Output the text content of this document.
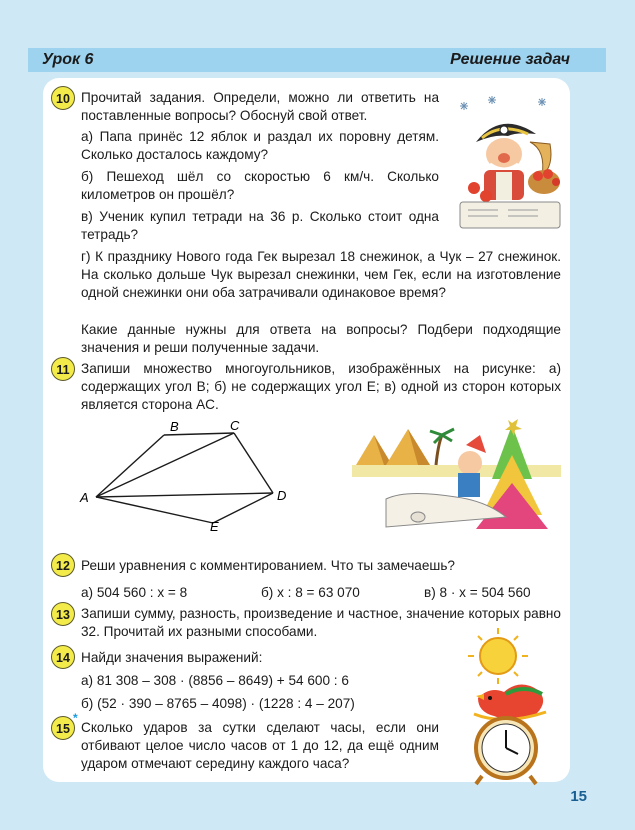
Урок 6	Решение задач
10 Прочитай задания. Определи, можно ли ответить на поставленные вопросы? Обоснуй свой ответ.
а) Папа принёс 12 яблок и раздал их поровну детям. Сколько досталось каждому?
б) Пешеход шёл со скоростью 6 км/ч. Сколько километров он прошёл?
в) Ученик купил тетради на 36 р. Сколько стоит одна тетрадь?
г) К празднику Нового года Гек вырезал 18 снежинок, а Чук – 27 снежинок. На сколько дольше Чук вырезал снежинки, чем Гек, если на изготовление одной снежинки они оба затрачивали одинаковое время?
Какие данные нужны для ответа на вопросы? Подбери подходящие значения и реши полученные задачи.
11 Запиши множество многоугольников, изображённых на рисунке: а) содержащих угол B; б) не содержащих угол E; в) одной из сторон которых является сторона AC.
A
B	C
D
E
12 Реши уравнения с комментированием. Что ты замечаешь?
а) 504 560 : x = 8	б) x : 8 = 63 070	в) 8 · x = 504 560
13 Запиши сумму, разность, произведение и частное, значение которых равно 32. Прочитай их разными способами.
14 Найди значения выражений:
а) 81 308 – 308 · (8856 – 8649) + 54 600 : 6
б) (52 · 390 – 8765 – 4098) · (1228 : 4 – 207)
15
*
Сколько ударов за сутки сделают часы, если они отбивают целое число часов от 1 до 12, да ещё одним ударом отмечают середину каждого часа?
15
